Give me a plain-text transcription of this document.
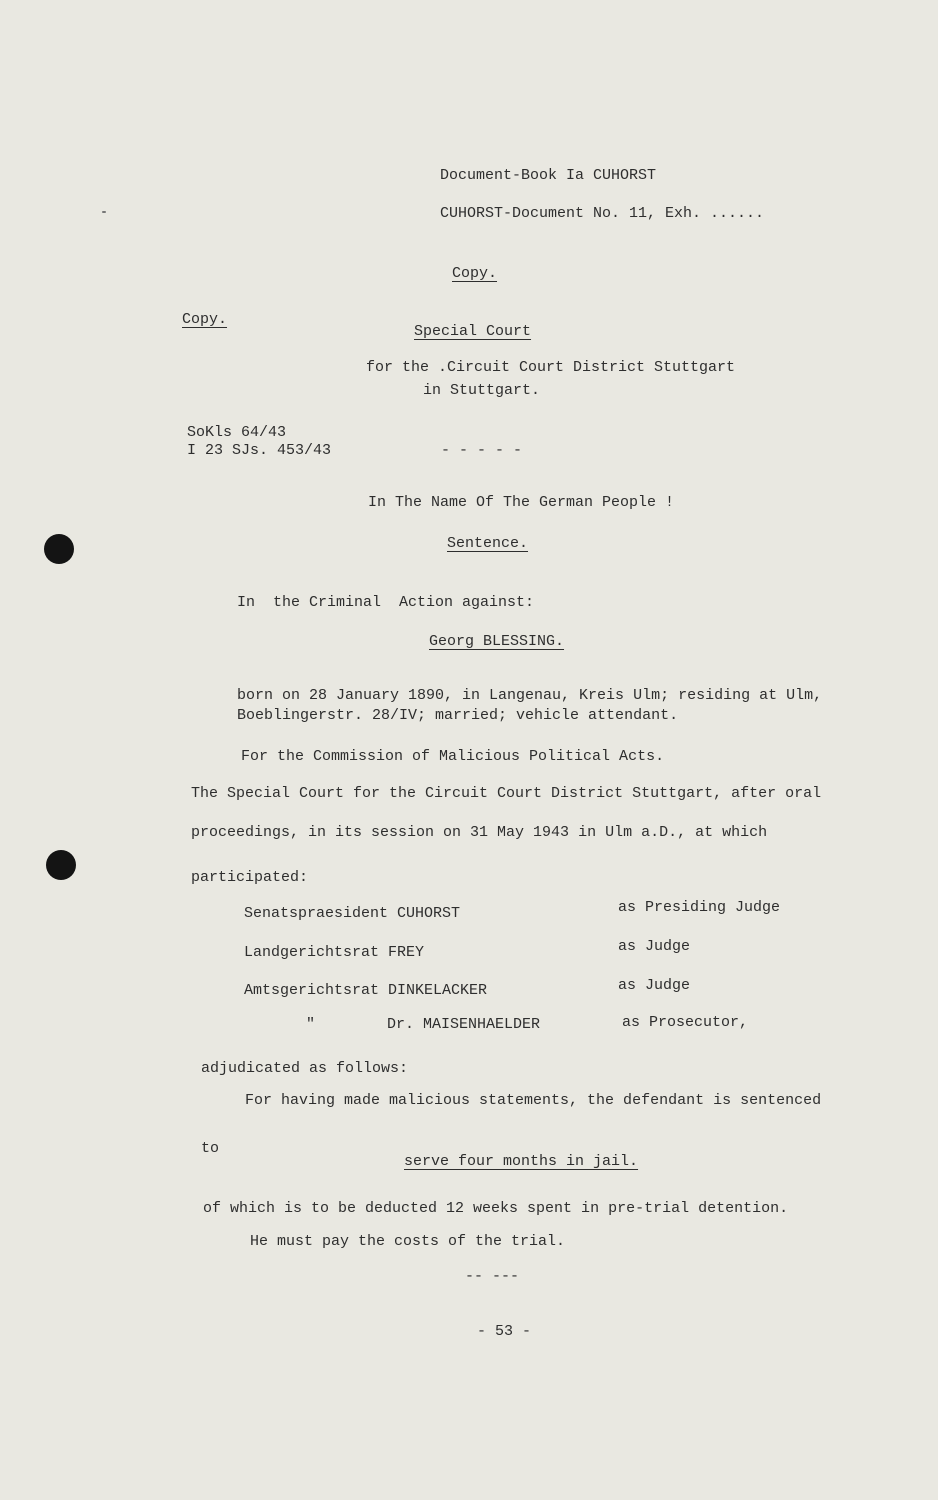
Document-Book Ia CUHORST
CUHORST-Document No. 11, Exh. ......
Copy.
Copy.
Special Court
for the .Circuit Court District Stuttgart
in Stuttgart.
SoKls 64/43
I 23 SJs. 453/43	- - - - -
In The Name Of The German People !
Sentence.
In  the Criminal  Action against:
Georg BLESSING.
born on 28 January 1890, in Langenau, Kreis Ulm; residing at Ulm,
Boeblingerstr. 28/IV; married; vehicle attendant.
For the Commission of Malicious Political Acts.
The Special Court for the Circuit Court District Stuttgart, after oral
proceedings, in its session on 31 May 1943 in Ulm a.D., at which
participated:
Senatspraesident CUHORST	as Presiding Judge
Landgerichtsrat FREY	as Judge
Amtsgerichtsrat DINKELACKER	as Judge
"        Dr. MAISENHAELDER	as Prosecutor,
adjudicated as follows:
For having made malicious statements, the defendant is sentenced
to
serve four months in jail.
of which is to be deducted 12 weeks spent in pre-trial detention.
He must pay the costs of the trial.
-- ---
- 53 -
